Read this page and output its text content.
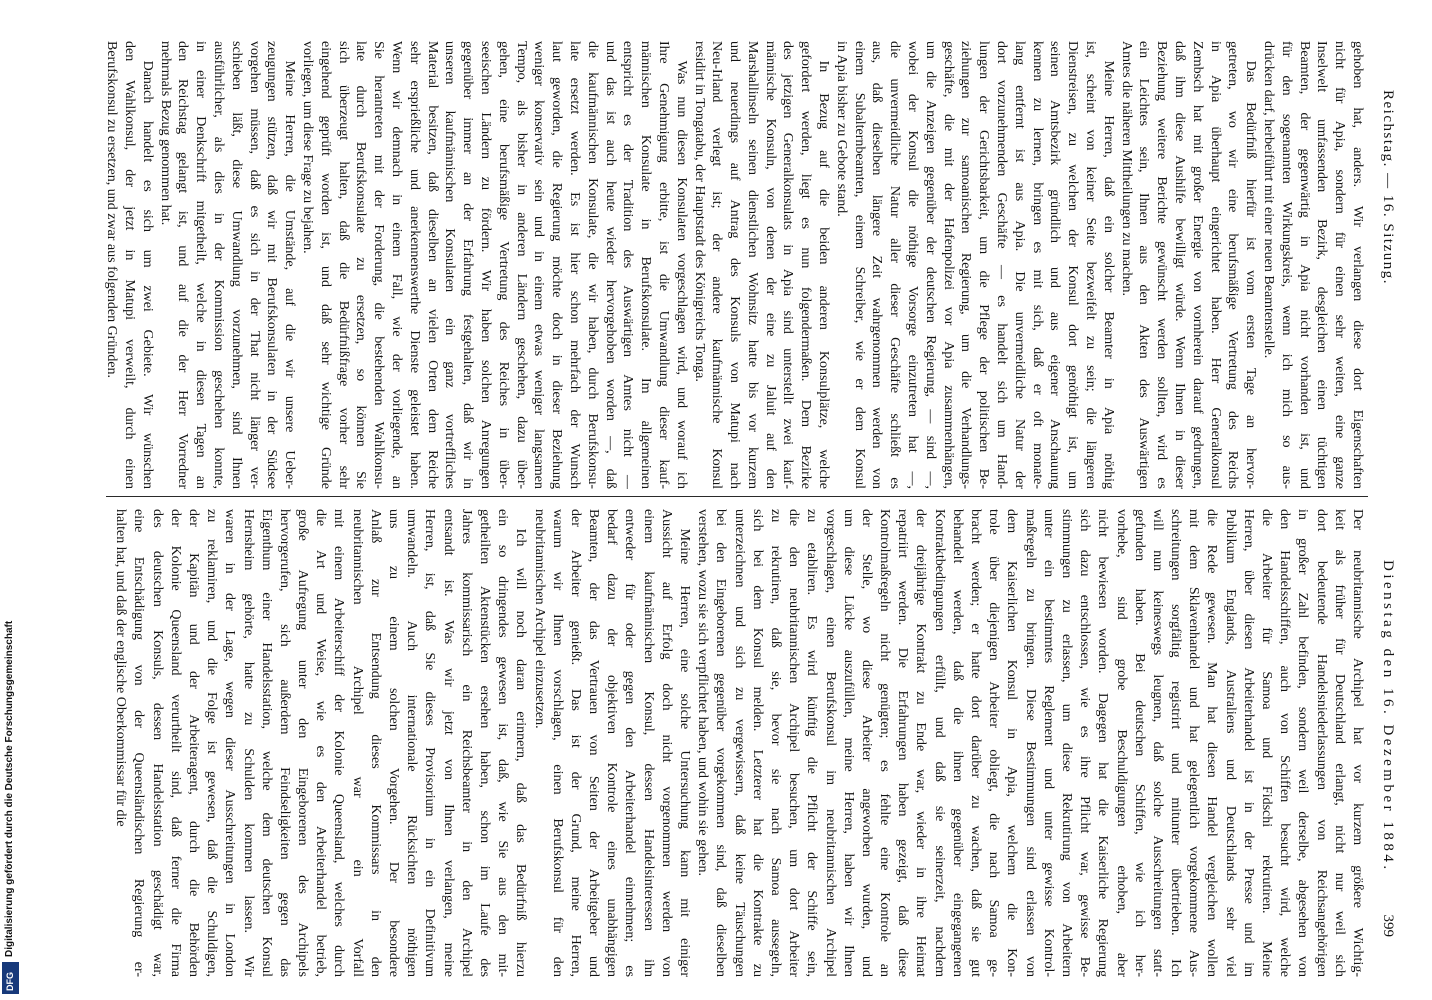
Digitalisierung gefördert durch die Deutsche Forschungsgemeinschaft
DFG
Reichstag. — 16. Sitzung.
Dienstag den 16. Dezember 1884.
399
gehoben hat, anders. Wir verlangen diese dort Eigenschaften
nicht für Apia, sondern für einen sehr weiten, eine ganze
Inselwelt umfassenden Bezirk, desgleichen einen tüchtigen
Beamten, der gegenwärtig in Apia nicht vorhanden ist, und
für den sogenannten Wirkungskreis, wenn ich mich so aus-
drücken darf, herbeiführt mit einer neuen Beamtenstelle.
Das Bedürfniß hierfür ist vom ersten Tage an hervor-
getreten, wo wir eine berufsmäßige Vertretung des Reichs
in Apia überhaupt eingerichtet haben. Herr Generalkonsul
Zembsch hat mit großer Energie von vornherein darauf gedrungen,
daß ihm diese Aushilfe bewilligt würde. Wenn Ihnen in dieser
Beziehung weitere Berichte gewünscht werden sollten, wird es
ein Leichtes sein, Ihnen aus den Akten des Auswärtigen
Amtes die näheren Mittheilungen zu machen.
Meine Herren, daß ein solcher Beamter in Apia nöthig
ist, scheint von keiner Seite bezweifelt zu sein; die längeren
Dienstreisen, zu welchen der Konsul dort genöthigt ist, um
seinen Amtsbezirk gründlich und aus eigener Anschauung
kennen zu lernen, bringen es mit sich, daß er oft monate-
lang entfernt ist aus Apia. Die unvermeidliche Natur der
dort vorzunehmenden Geschäfte — es handelt sich um Hand-
lungen der Gerichtsbarkeit, um die Pflege der politischen Be-
ziehungen zur samoanischen Regierung, um die Verhandlungs-
geschäfte, die mit der Hafenpolizei vor Apia zusammenhängen,
um die Anzeigen gegenüber der deutschen Regierung, — sind —,
wobei der Konsul die nöthige Vorsorge einzutreten hat —,
die unvermeidliche Natur aller dieser Geschäfte schließt es
aus, daß dieselben längere Zeit wahrgenommen werden von
einem Subalternbeamten, einem Schreiber, wie er dem Konsul
in Apia bisher zu Gebote stand.
In Bezug auf die beiden anderen Konsulplätze, welche
gefordert werden, liegt es nun folgendermaßen. Dem Bezirke
des jetzigen Generalkonsulats in Apia sind unterstellt zwei kauf-
männische Konsuln, von denen der eine zu Jaluit auf den
Marshallinseln seinen dienstlichen Wohnsitz hatte bis vor kurzem
und neuerdings auf Antrag des Konsuls von Matupi nach
Neu-Irland verlegt ist; der andere kaufmännische Konsul
residirt in Tongatabu, der Hauptstadt des Königreichs Tonga.
Was nun diesen Konsulaten vorgeschlagen wird, und worauf ich
Ihre Genehmigung erbitte, ist die Umwandlung dieser kauf-
männischen Konsulate in Berufskonsulate. Im allgemeinen
entspricht es der Tradition des Auswärtigen Amtes nicht —
und das ist auch heute wieder hervorgehoben worden —, daß
die kaufmännischen Konsulate, die wir haben, durch Berufskonsu-
late ersetzt werden. Es ist hier schon mehrfach der Wunsch
laut geworden, die Regierung möchte doch in dieser Beziehung
weniger konservativ sein und in einem etwas weniger langsamen
Tempo, als bisher in anderen Ländern geschehen, dazu über-
gehen, eine berufsmäßige Vertretung des Reiches in über-
seeischen Ländern zu fördern. Wir haben solchen Anregungen
gegenüber immer an der Erfahrung festgehalten, daß wir in
unseren kaufmännischen Konsulaten ein ganz vortreffliches
Material besitzen, daß dieselben an vielen Orten dem Reiche
sehr ersprießliche und anerkennenswerthe Dienste geleistet haben.
Wenn wir demnach in einem Fall, wie der vorliegende, an
Sie herantreten mit der Forderung, die bestehenden Wahlkonsu-
late durch Berufskonsulate zu ersetzen, so können Sie
sich überzeugt halten, daß die Bedürfnißfrage vorher sehr
eingehend geprüft worden ist, und daß sehr wichtige Gründe
vorliegen, um diese Frage zu bejahen.
Meine Herren, die Umstände, auf die wir unsere Ueber-
zeugungen stützen, daß wir mit Berufskonsulaten in der Südsee
vorgehen müssen, daß es sich in der That nicht länger ver-
schieben läßt, diese Umwandlung vorzunehmen, sind Ihnen
ausführlicher, als dies in der Kommission geschehen konnte,
in einer Denkschrift mitgetheilt, welche in diesen Tagen an
den Reichstag gelangt ist, und auf die der Herr Vorredner
mehrmals Bezug genommen hat.
Danach handelt es sich um zwei Gebiete. Wir wünschen
den Wahlkonsul, der jetzt in Matupi verweilt, durch einen
Berufskonsul zu ersetzen, und zwar aus folgenden Gründen.
Der neubritannische Archipel hat vor kurzem größere Wichtig-
keit als früher für Deutschland erlangt, nicht nur weil sich
dort bedeutende Handelsniederlassungen von Reichsangehörigen
in großer Zahl befinden, sondern weil derselbe, abgesehen von
den Handelsschiffen, auch von Schiffen besucht wird, welche
die Arbeiter für Samoa und Fidschi rekrutiren. Meine
Herren, über diesen Arbeiterhandel ist in der Presse und im
Publikum Englands, Australiens und Deutschlands sehr viel
die Rede gewesen. Man hat diesen Handel vergleichen wollen
mit dem Sklavenhandel und hat gelegentlich vorgekommene Aus-
schreitungen sorgfältig registrirt und mitunter übertrieben. Ich
will nun keineswegs leugnen, daß solche Ausschreitungen statt-
gefunden haben. Bei deutschen Schiffen, wie ich her-
vorhebe, sind grobe Beschuldigungen erhoben, aber
nicht bewiesen worden. Dagegen hat die Kaiserliche Regierung
sich dazu entschlossen, wie es ihre Pflicht war, gewisse Be-
stimmungen zu erlassen, um diese Rekrutirung von Arbeitern
unter ein bestimmtes Reglement und unter gewisse Kontrol-
maßregeln zu bringen. Diese Bestimmungen sind erlassen von
dem Kaiserlichen Konsul in Apia, welchem die Kon-
trole über diejenigen Arbeiter obliegt, die nach Samoa ge-
bracht werden; er hatte dort darüber zu wachen, daß sie gut
behandelt werden, daß die ihnen gegenüber eingegangenen
Kontraktbedingungen erfüllt, und daß sie seinerzeit, nachdem
der dreijährige Kontrakt zu Ende war, wieder in ihre Heimat
repatriirt werden. Die Erfahrungen haben gezeigt, daß diese
Kontrolmaßregeln nicht genügten; es fehlte eine Kontrole an
der Stelle, wo diese Arbeiter angeworben wurden, und
um diese Lücke auszufüllen, meine Herren, haben wir Ihnen
vorgeschlagen, einen Berufskonsul im neubritannischen Archipel
zu etabliren. Es wird künftig die Pflicht der Schiffe sein,
die den neubritannischen Archipel besuchen, um dort Arbeiter
zu rekrutiren, daß sie, bevor sie nach Samoa aussegeln,
sich bei dem Konsul melden. Letzterer hat die Kontrakte zu
unterzeichnen und sich zu vergewissern, daß keine Täuschungen
bei den Eingeborenen gegenüber vorgekommen sind, daß dieselben
verstehen, wozu sie sich verpflichtet haben, und wohin sie gehen.
Meine Herren, eine solche Untersuchung kann mit einiger
Aussicht auf Erfolg doch nicht vorgenommen werden von
einem kaufmännischen Konsul, dessen Handelsinteressen ihn
entweder für oder gegen den Arbeiterhandel einnehmen; es
bedarf dazu der objektiven Kontrole eines unabhängigen
Beamten, der das Vertrauen von Seiten der Arbeitgeber und
der Arbeiter genießt. Das ist der Grund, meine Herren,
warum wir Ihnen vorschlagen, einen Berufskonsul für den
neubritannischen Archipel einzusetzen.
Ich will noch daran erinnern, daß das Bedürfniß hierzu
ein so dringendes gewesen ist, daß, wie Sie aus den mit-
getheilten Aktenstücken ersehen haben, schon im Laufe des
Jahres kommissarisch ein Reichsbeamter in den Archipel
entsandt ist. Was wir jetzt von Ihnen verlangen, meine
Herren, ist, daß Sie dieses Provisorium in ein Definitivum
umwandeln. Auch internationale Rücksichten nöthigen
uns zu einem solchen Vorgehen. Der besondere
Anlaß zur Entsendung dieses Kommissars in den
neubritannischen Archipel war ein Vorfall
mit einem Arbeiterschiff der Kolonie Queensland, welches durch
die Art und Weise, wie es den Arbeiterhandel betrieb,
große Aufregung unter den Eingeborenen des Archipels
hervorgerufen, sich außerdem Feindseligkeiten gegen das
Eigenthum einer Handelsstation, welche dem deutschen Konsul
Hernsheim gehörte, hatte zu Schulden kommen lassen. Wir
waren in der Lage, wegen dieser Ausschreitungen in London
zu reklamiren, und die Folge ist gewesen, daß die Schuldigen,
der Kapitän und der Arbeiteragent, durch die Behörden
der Kolonie Queensland verurtheilt sind, daß ferner die Firma
des deutschen Konsuls, dessen Handelsstation geschädigt war,
eine Entschädigung von der Queensländischen Regierung er-
halten hat, und daß der englische Oberkommissar für die
